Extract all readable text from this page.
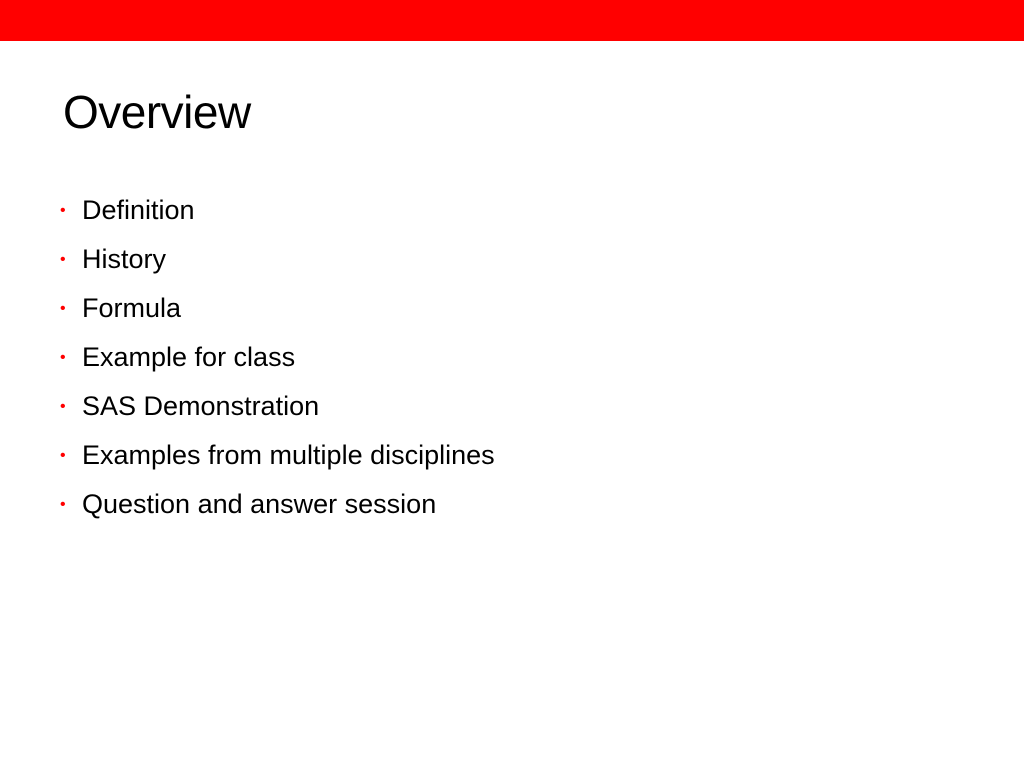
Overview
• Definition
• History
• Formula
• Example for class
• SAS Demonstration
• Examples from multiple disciplines
• Question and answer session
